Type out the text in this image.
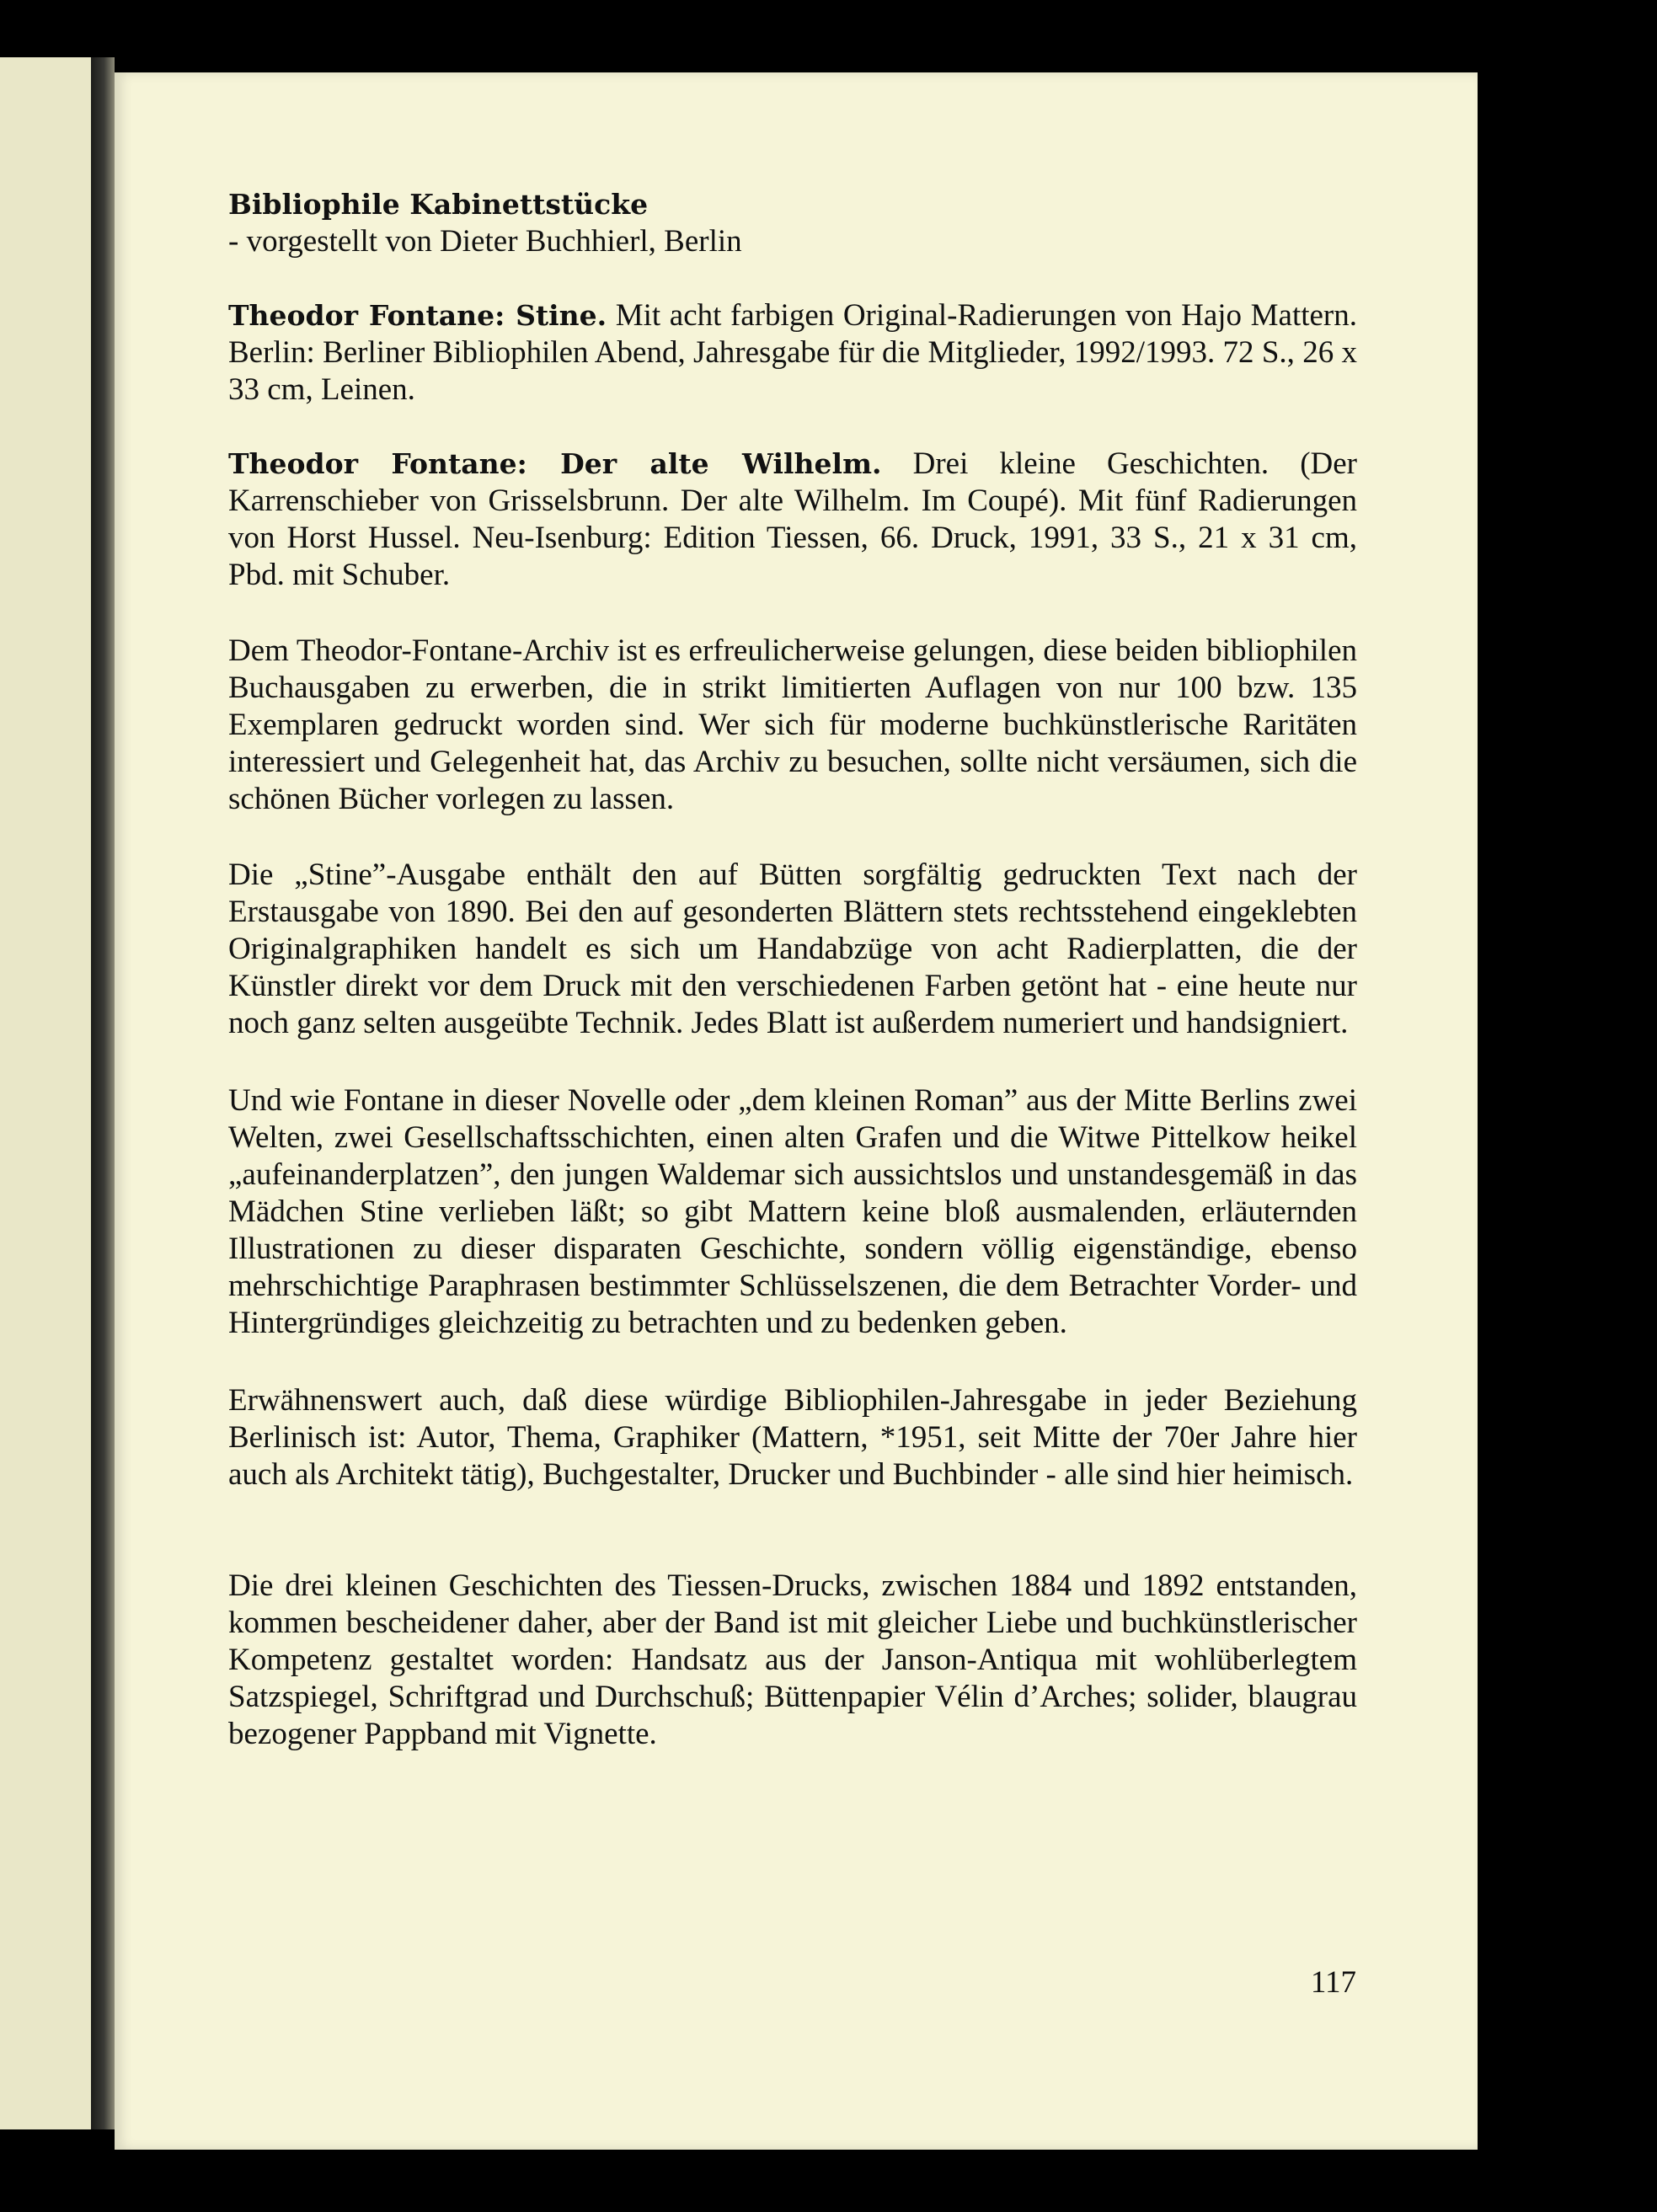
Bibliophile Kabinettstücke

- vorgestellt von Dieter Buchhierl, Berlin

Theodor Fontane: Stine. Mit acht farbigen Original-Radierungen von Hajo Mattern. Berlin: Berliner Bibliophilen Abend, Jahresgabe für die Mitglieder, 1992/1993. 72 S., 26 x 33 cm, Leinen.

Theodor Fontane: Der alte Wilhelm. Drei kleine Geschichten. (Der Karrenschieber von Grisselsbrunn. Der alte Wilhelm. Im Coupé). Mit fünf Radierungen von Horst Hussel. Neu-Isenburg: Edition Tiessen, 66. Druck, 1991, 33 S., 21 x 31 cm, Pbd. mit Schuber.

Dem Theodor-Fontane-Archiv ist es erfreulicherweise gelungen, diese beiden bibliophilen Buchausgaben zu erwerben, die in strikt limitierten Auflagen von nur 100 bzw. 135 Exemplaren gedruckt worden sind. Wer sich für moderne buchkünstlerische Raritäten interessiert und Gelegenheit hat, das Archiv zu besuchen, sollte nicht versäumen, sich die schönen Bücher vorlegen zu lassen.

Die „Stine”-Ausgabe enthält den auf Bütten sorgfältig gedruckten Text nach der Erstausgabe von 1890. Bei den auf gesonderten Blättern stets rechtsstehend eingeklebten Originalgraphiken handelt es sich um Handabzüge von acht Radierplatten, die der Künstler direkt vor dem Druck mit den verschiedenen Farben getönt hat - eine heute nur noch ganz selten ausgeübte Technik. Jedes Blatt ist außerdem numeriert und handsigniert.

Und wie Fontane in dieser Novelle oder „dem kleinen Roman” aus der Mitte Berlins zwei Welten, zwei Gesellschaftsschichten, einen alten Grafen und die Witwe Pittelkow heikel „aufeinanderplatzen”, den jungen Waldemar sich aussichtslos und unstandesgemäß in das Mädchen Stine verlieben läßt; so gibt Mattern keine bloß ausmalenden, erläuternden Illustrationen zu dieser disparaten Geschichte, sondern völlig eigenständige, ebenso mehrschichtige Paraphrasen bestimmter Schlüsselszenen, die dem Betrachter Vorder- und Hintergründiges gleichzeitig zu betrachten und zu bedenken geben.

Erwähnenswert auch, daß diese würdige Bibliophilen-Jahresgabe in jeder Beziehung Berlinisch ist: Autor, Thema, Graphiker (Mattern, *1951, seit Mitte der 70er Jahre hier auch als Architekt tätig), Buchgestalter, Drucker und Buchbinder - alle sind hier heimisch.

Die drei kleinen Geschichten des Tiessen-Drucks, zwischen 1884 und 1892 entstanden, kommen bescheidener daher, aber der Band ist mit gleicher Liebe und buchkünstlerischer Kompetenz gestaltet worden: Handsatz aus der Janson-Antiqua mit wohlüberlegtem Satzspiegel, Schriftgrad und Durchschuß; Büttenpapier Vélin d’Arches; solider, blaugrau bezogener Pappband mit Vignette.

117
